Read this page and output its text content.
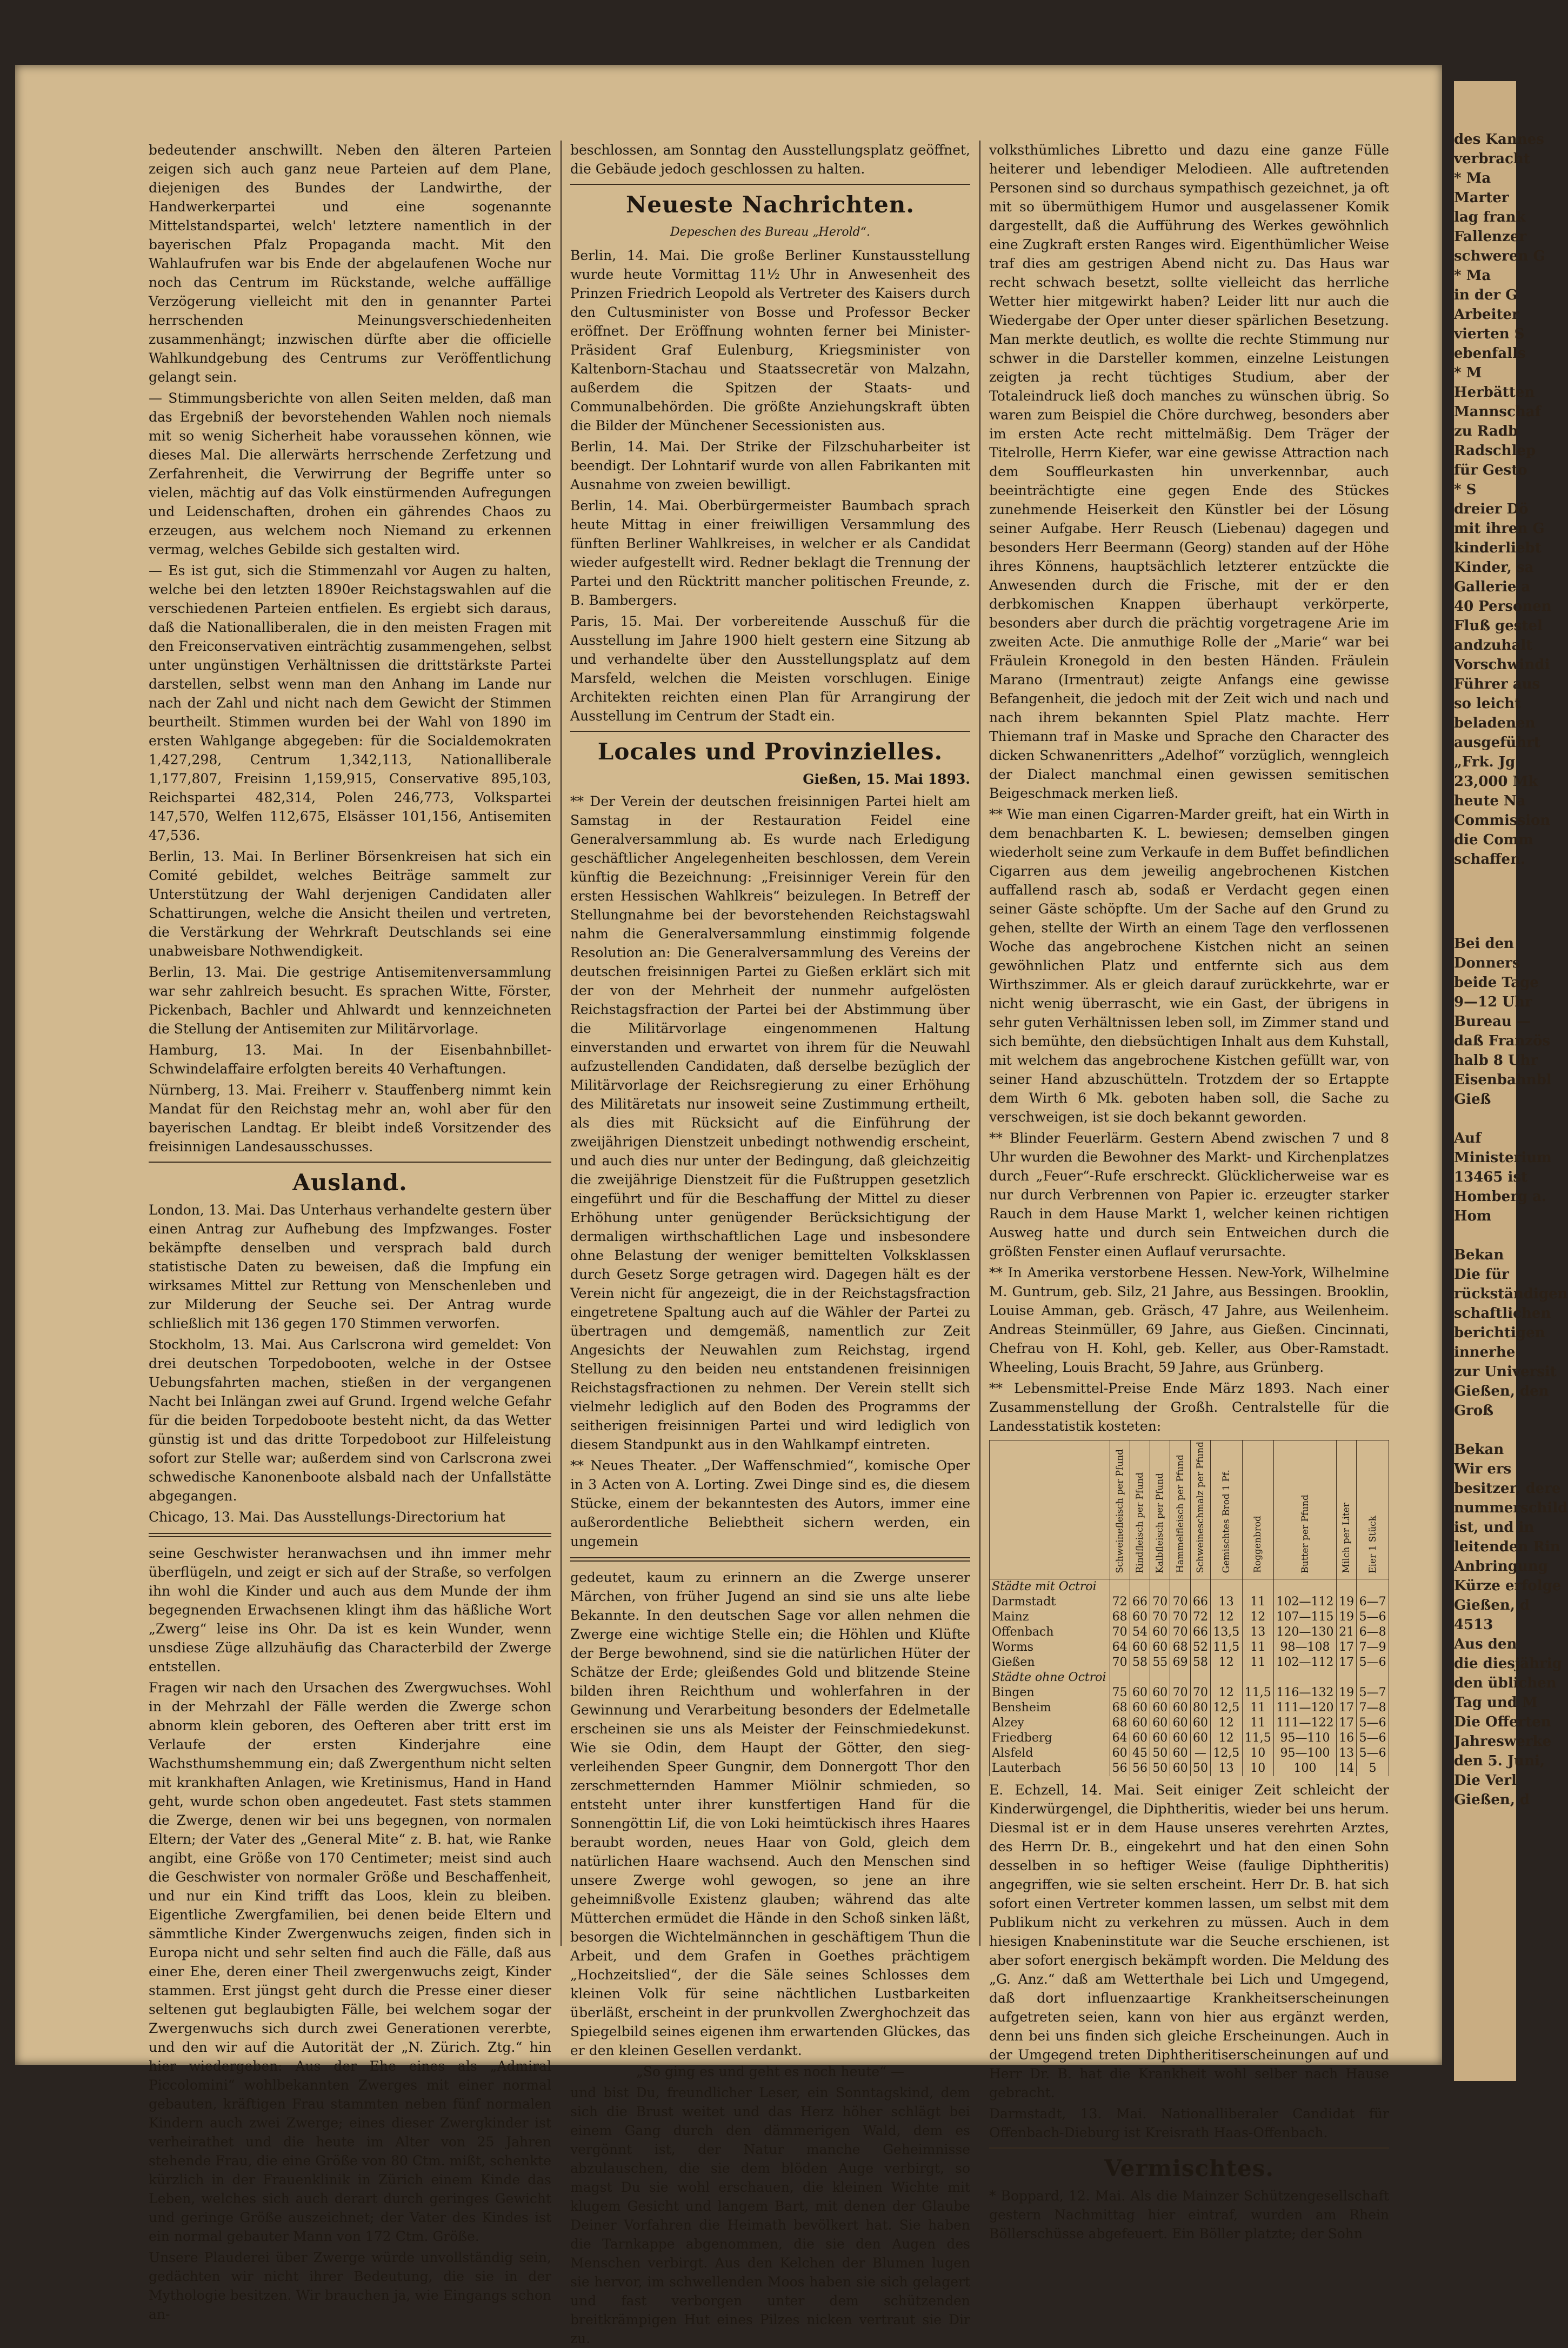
bedeutender anschwillt. Neben den älteren Parteien zeigen sich auch ganz neue Parteien auf dem Plane, diejenigen des Bundes der Landwirthe, der Handwerkerpartei und eine sogenannte Mittelstandspartei, welch' letztere namentlich in der bayerischen Pfalz Propaganda macht. Mit den Wahlaufrufen war bis Ende der abgelaufenen Woche nur noch das Centrum im Rückstande, welche auffällige Verzögerung vielleicht mit den in genannter Partei herrschenden Meinungsverschiedenheiten zusammenhängt; inzwischen dürfte aber die officielle Wahlkundgebung des Centrums zur Veröffentlichung gelangt sein.

— Stimmungsberichte von allen Seiten melden, daß man das Ergebniß der bevorstehenden Wahlen noch niemals mit so wenig Sicherheit habe voraussehen können, wie dieses Mal. Die allerwärts herrschende Zerfetzung und Zerfahrenheit, die Verwirrung der Begriffe unter so vielen, mächtig auf das Volk einstürmenden Aufregungen und Leidenschaften, drohen ein gährendes Chaos zu erzeugen, aus welchem noch Niemand zu erkennen vermag, welches Gebilde sich gestalten wird.

— Es ist gut, sich die Stimmenzahl vor Augen zu halten, welche bei den letzten 1890er Reichstagswahlen auf die verschiedenen Parteien entfielen. Es ergiebt sich daraus, daß die Nationalliberalen, die in den meisten Fragen mit den Freiconservativen einträchtig zusammengehen, selbst unter ungünstigen Verhältnissen die drittstärkste Partei darstellen, selbst wenn man den Anhang im Lande nur nach der Zahl und nicht nach dem Gewicht der Stimmen beurtheilt. Stimmen wurden bei der Wahl von 1890 im ersten Wahlgange abgegeben: für die Socialdemokraten 1,427,298, Centrum 1,342,113, Nationalliberale 1,177,807, Freisinn 1,159,915, Conservative 895,103, Reichspartei 482,314, Polen 246,773, Volkspartei 147,570, Welfen 112,675, Elsässer 101,156, Antisemiten 47,536.

Berlin, 13. Mai. In Berliner Börsenkreisen hat sich ein Comité gebildet, welches Beiträge sammelt zur Unterstützung der Wahl derjenigen Candidaten aller Schattirungen, welche die Ansicht theilen und vertreten, die Verstärkung der Wehrkraft Deutschlands sei eine unabweisbare Nothwendigkeit.

Berlin, 13. Mai. Die gestrige Antisemitenversammlung war sehr zahlreich besucht. Es sprachen Witte, Förster, Pickenbach, Bachler und Ahlwardt und kennzeichneten die Stellung der Antisemiten zur Militärvorlage.

Hamburg, 13. Mai. In der Eisenbahnbillet-Schwindelaffaire erfolgten bereits 40 Verhaftungen.

Nürnberg, 13. Mai. Freiherr v. Stauffenberg nimmt kein Mandat für den Reichstag mehr an, wohl aber für den bayerischen Landtag. Er bleibt indeß Vorsitzender des freisinnigen Landesausschusses.

Ausland.

London, 13. Mai. Das Unterhaus verhandelte gestern über einen Antrag zur Aufhebung des Impfzwanges. Foster bekämpfte denselben und versprach bald durch statistische Daten zu beweisen, daß die Impfung ein wirksames Mittel zur Rettung von Menschenleben und zur Milderung der Seuche sei. Der Antrag wurde schließlich mit 136 gegen 170 Stimmen verworfen.

Stockholm, 13. Mai. Aus Carlscrona wird gemeldet: Von drei deutschen Torpedobooten, welche in der Ostsee Uebungsfahrten machen, stießen in der vergangenen Nacht bei Inlängan zwei auf Grund. Irgend welche Gefahr für die beiden Torpedoboote besteht nicht, da das Wetter günstig ist und das dritte Torpedoboot zur Hilfeleistung sofort zur Stelle war; außerdem sind von Carlscrona zwei schwedische Kanonenboote alsbald nach der Unfallstätte abgegangen.

Chicago, 13. Mai. Das Ausstellungs-Directorium hat

seine Geschwister heranwachsen und ihn immer mehr überflügeln, und zeigt er sich auf der Straße, so verfolgen ihn wohl die Kinder und auch aus dem Munde der ihm begegnenden Erwachsenen klingt ihm das häßliche Wort „Zwerg“ leise ins Ohr. Da ist es kein Wunder, wenn unsdiese Züge allzuhäufig das Characterbild der Zwerge entstellen.

Fragen wir nach den Ursachen des Zwergwuchses. Wohl in der Mehrzahl der Fälle werden die Zwerge schon abnorm klein geboren, des Oefteren aber tritt erst im Verlaufe der ersten Kinderjahre eine Wachsthumshemmung ein; daß Zwergenthum nicht selten mit krankhaften Anlagen, wie Kretinismus, Hand in Hand geht, wurde schon oben angedeutet. Fast stets stammen die Zwerge, denen wir bei uns begegnen, von normalen Eltern; der Vater des „General Mite“ z. B. hat, wie Ranke angibt, eine Größe von 170 Centimeter; meist sind auch die Geschwister von normaler Größe und Beschaffenheit, und nur ein Kind trifft das Loos, klein zu bleiben. Eigentliche Zwergfamilien, bei denen beide Eltern und sämmtliche Kinder Zwergenwuchs zeigen, finden sich in Europa nicht und sehr selten find auch die Fälle, daß aus einer Ehe, deren einer Theil zwergenwuchs zeigt, Kinder stammen. Erst jüngst geht durch die Presse einer dieser seltenen gut beglaubigten Fälle, bei welchem sogar der Zwergenwuchs sich durch zwei Generationen vererbte, und den wir auf die Autorität der „N. Zürich. Ztg.“ hin hier wiedergeben: Aus der Ehe eines als „Admiral Piccolomini“ wohlbekannten Zwerges mit einer normal gebauten, kräftigen Frau stammten neben fünf normalen Kindern auch zwei Zwerge; eines dieser Zwergkinder ist verheirathet und die heute im Alter von 25 Jahren stehende Frau, die eine Größe von 80 Ctm. mißt, schenkte kürzlich in der Frauenklinik in Zürich einem Kinde das Leben, welches sich auch derart durch geringes Gewicht und geringe Größe auszeichnet; der Vater des Kindes ist ein normal gebauter Mann von 172 Ctm. Größe.

Unsere Plauderei über Zwerge würde unvollständig sein, gedächten wir nicht ihrer Bedeutung, die sie in der Mythologie besitzen. Wir brauchen ja, wie Eingangs schon an-

beschlossen, am Sonntag den Ausstellungsplatz geöffnet, die Gebäude jedoch geschlossen zu halten.

Neueste Nachrichten.
Depeschen des Bureau „Herold“.

Berlin, 14. Mai. Die große Berliner Kunstausstellung wurde heute Vormittag 11½ Uhr in Anwesenheit des Prinzen Friedrich Leopold als Vertreter des Kaisers durch den Cultusminister von Bosse und Professor Becker eröffnet. Der Eröffnung wohnten ferner bei Minister-Präsident Graf Eulenburg, Kriegsminister von Kaltenborn-Stachau und Staatssecretär von Malzahn, außerdem die Spitzen der Staats- und Communalbehörden. Die größte Anziehungskraft übten die Bilder der Münchener Secessionisten aus.

Berlin, 14. Mai. Der Strike der Filzschuharbeiter ist beendigt. Der Lohntarif wurde von allen Fabrikanten mit Ausnahme von zweien bewilligt.

Berlin, 14. Mai. Oberbürgermeister Baumbach sprach heute Mittag in einer freiwilligen Versammlung des fünften Berliner Wahlkreises, in welcher er als Candidat wieder aufgestellt wird. Redner beklagt die Trennung der Partei und den Rücktritt mancher politischen Freunde, z. B. Bambergers.

Paris, 15. Mai. Der vorbereitende Ausschuß für die Ausstellung im Jahre 1900 hielt gestern eine Sitzung ab und verhandelte über den Ausstellungsplatz auf dem Marsfeld, welchen die Meisten vorschlugen. Einige Architekten reichten einen Plan für Arrangirung der Ausstellung im Centrum der Stadt ein.

Locales und Provinzielles.
Gießen, 15. Mai 1893.

** Der Verein der deutschen freisinnigen Partei hielt am Samstag in der Restauration Feidel eine Generalversammlung ab. Es wurde nach Erledigung geschäftlicher Angelegenheiten beschlossen, dem Verein künftig die Bezeichnung: „Freisinniger Verein für den ersten Hessischen Wahlkreis“ beizulegen. In Betreff der Stellungnahme bei der bevorstehenden Reichstagswahl nahm die Generalversammlung einstimmig folgende Resolution an: Die Generalversammlung des Vereins der deutschen freisinnigen Partei zu Gießen erklärt sich mit der von der Mehrheit der nunmehr aufgelösten Reichstagsfraction der Partei bei der Abstimmung über die Militärvorlage eingenommenen Haltung einverstanden und erwartet von ihrem für die Neuwahl aufzustellenden Candidaten, daß derselbe bezüglich der Militärvorlage der Reichsregierung zu einer Erhöhung des Militäretats nur insoweit seine Zustimmung ertheilt, als dies mit Rücksicht auf die Einführung der zweijährigen Dienstzeit unbedingt nothwendig erscheint, und auch dies nur unter der Bedingung, daß gleichzeitig die zweijährige Dienstzeit für die Fußtruppen gesetzlich eingeführt und für die Beschaffung der Mittel zu dieser Erhöhung unter genügender Berücksichtigung der dermaligen wirthschaftlichen Lage und insbesondere ohne Belastung der weniger bemittelten Volksklassen durch Gesetz Sorge getragen wird. Dagegen hält es der Verein nicht für angezeigt, die in der Reichstagsfraction eingetretene Spaltung auch auf die Wähler der Partei zu übertragen und demgemäß, namentlich zur Zeit Angesichts der Neuwahlen zum Reichstag, irgend Stellung zu den beiden neu entstandenen freisinnigen Reichstagsfractionen zu nehmen. Der Verein stellt sich vielmehr lediglich auf den Boden des Programms der seitherigen freisinnigen Partei und wird lediglich von diesem Standpunkt aus in den Wahlkampf eintreten.

** Neues Theater. „Der Waffenschmied“, komische Oper in 3 Acten von A. Lorting. Zwei Dinge sind es, die diesem Stücke, einem der bekanntesten des Autors, immer eine außerordentliche Beliebtheit sichern werden, ein ungemein

gedeutet, kaum zu erinnern an die Zwerge unserer Märchen, von früher Jugend an sind sie uns alte liebe Bekannte. In den deutschen Sage vor allen nehmen die Zwerge eine wichtige Stelle ein; die Höhlen und Klüfte der Berge bewohnend, sind sie die natürlichen Hüter der Schätze der Erde; gleißendes Gold und blitzende Steine bilden ihren Reichthum und wohlerfahren in der Gewinnung und Verarbeitung besonders der Edelmetalle erscheinen sie uns als Meister der Feinschmiedekunst. Wie sie Odin, dem Haupt der Götter, den sieg-verleihenden Speer Gungnir, dem Donnergott Thor den zerschmetternden Hammer Miölnir schmieden, so entsteht unter ihrer kunstfertigen Hand für die Sonnengöttin Lif, die von Loki heimtückisch ihres Haares beraubt worden, neues Haar von Gold, gleich dem natürlichen Haare wachsend. Auch den Menschen sind unsere Zwerge wohl gewogen, so jene an ihre geheimnißvolle Existenz glauben; während das alte Mütterchen ermüdet die Hände in den Schoß sinken läßt, besorgen die Wichtelmännchen in geschäftigem Thun die Arbeit, und dem Grafen in Goethes prächtigem „Hochzeitslied“, der die Säle seines Schlosses dem kleinen Volk für seine nächtlichen Lustbarkeiten überläßt, erscheint in der prunkvollen Zwerghochzeit das Spiegelbild seines eigenen ihm erwartenden Glückes, das er den kleinen Gesellen verdankt.

„So ging es und geht es noch heute“ —

und bist Du, freundlicher Leser, ein Sonntagskind, dem sich die Brust weitet und das Herz höher schlägt bei einem Gang durch den dämmerigen Wald, dem es vergönnt ist, der Natur manche Geheimnisse abzulauschen, die sie dem blöden Auge verbirgt, so magst Du sie wohl erschauen, die kleinen Wichte mit klugem Gesicht und langem Bart, mit denen der Glaube Deiner Vorfahren die Heimath bevölkert hat. Sie haben die Tarnkappe abgenommen, die sie den Augen des Menschen verbirgt. Aus den Kelchen der Blumen lugen sie hervor, im schwellenden Moos haben sie sich gelagert und fast verborgen unter dem schützenden breitkrämpigen Hut eines Pilzes nicken vertraut sie Dir zu.

volksthümliches Libretto und dazu eine ganze Fülle heiterer und lebendiger Melodieen. Alle auftretenden Personen sind so durchaus sympathisch gezeichnet, ja oft mit so übermüthigem Humor und ausgelassener Komik dargestellt, daß die Aufführung des Werkes gewöhnlich eine Zugkraft ersten Ranges wird. Eigenthümlicher Weise traf dies am gestrigen Abend nicht zu. Das Haus war recht schwach besetzt, sollte vielleicht das herrliche Wetter hier mitgewirkt haben? Leider litt nur auch die Wiedergabe der Oper unter dieser spärlichen Besetzung. Man merkte deutlich, es wollte die rechte Stimmung nur schwer in die Darsteller kommen, einzelne Leistungen zeigten ja recht tüchtiges Studium, aber der Totaleindruck ließ doch manches zu wünschen übrig. So waren zum Beispiel die Chöre durchweg, besonders aber im ersten Acte recht mittelmäßig. Dem Träger der Titelrolle, Herrn Kiefer, war eine gewisse Attraction nach dem Souffleurkasten hin unverkennbar, auch beeinträchtigte eine gegen Ende des Stückes zunehmende Heiserkeit den Künstler bei der Lösung seiner Aufgabe. Herr Reusch (Liebenau) dagegen und besonders Herr Beermann (Georg) standen auf der Höhe ihres Könnens, hauptsächlich letzterer entzückte die Anwesenden durch die Frische, mit der er den derbkomischen Knappen überhaupt verkörperte, besonders aber durch die prächtig vorgetragene Arie im zweiten Acte. Die anmuthige Rolle der „Marie“ war bei Fräulein Kronegold in den besten Händen. Fräulein Marano (Irmentraut) zeigte Anfangs eine gewisse Befangenheit, die jedoch mit der Zeit wich und nach und nach ihrem bekannten Spiel Platz machte. Herr Thiemann traf in Maske und Sprache den Character des dicken Schwanenritters „Adelhof“ vorzüglich, wenngleich der Dialect manchmal einen gewissen semitischen Beigeschmack merken ließ.

** Wie man einen Cigarren-Marder greift, hat ein Wirth in dem benachbarten K. L. bewiesen; demselben gingen wiederholt seine zum Verkaufe in dem Buffet befindlichen Cigarren aus dem jeweilig angebrochenen Kistchen auffallend rasch ab, sodaß er Verdacht gegen einen seiner Gäste schöpfte. Um der Sache auf den Grund zu gehen, stellte der Wirth an einem Tage den verflossenen Woche das angebrochene Kistchen nicht an seinen gewöhnlichen Platz und entfernte sich aus dem Wirthszimmer. Als er gleich darauf zurückkehrte, war er nicht wenig überrascht, wie ein Gast, der übrigens in sehr guten Verhältnissen leben soll, im Zimmer stand und sich bemühte, den diebsüchtigen Inhalt aus dem Kuhstall, mit welchem das angebrochene Kistchen gefüllt war, von seiner Hand abzuschütteln. Trotzdem der so Ertappte dem Wirth 6 Mk. geboten haben soll, die Sache zu verschweigen, ist sie doch bekannt geworden.

** Blinder Feuerlärm. Gestern Abend zwischen 7 und 8 Uhr wurden die Bewohner des Markt- und Kirchenplatzes durch „Feuer“-Rufe erschreckt. Glücklicherweise war es nur durch Verbrennen von Papier ic. erzeugter starker Rauch in dem Hause Markt 1, welcher keinen richtigen Ausweg hatte und durch sein Entweichen durch die größten Fenster einen Auflauf verursachte.

** In Amerika verstorbene Hessen. New-York, Wilhelmine M. Guntrum, geb. Silz, 21 Jahre, aus Bessingen. Brooklin, Louise Amman, geb. Gräsch, 47 Jahre, aus Weilenheim. Andreas Steinmüller, 69 Jahre, aus Gießen. Cincinnati, Chefrau von H. Kohl, geb. Keller, aus Ober-Ramstadt. Wheeling, Louis Bracht, 59 Jahre, aus Grünberg.

** Lebensmittel-Preise Ende März 1893. Nach einer Zusammenstellung der Großh. Centralstelle für die Landesstatistik kosteten:

	Schweinefleisch per Pfund	Rindfleisch per Pfund	Kalbfleisch per Pfund	Hammelfleisch per Pfund	Schweineschmalz per Pfund	Gemischtes Brod 1 Pf.	Roggenbrod	Butter per Pfund	Milch per Liter	Eier 1 Stück
Städte mit Octroi										
Darmstadt	72	66	70	70	66	13	11	102—112	19	6—7
Mainz	68	60	70	70	72	12	12	107—115	19	5—6
Offenbach	70	54	60	70	66	13,5	13	120—130	21	6—8
Worms	64	60	60	68	52	11,5	11	98—108	17	7—9
Gießen	70	58	55	69	58	12	11	102—112	17	5—6
Städte ohne Octroi										
Bingen	75	60	60	70	70	12	11,5	116—132	19	5—7
Bensheim	68	60	60	60	80	12,5	11	111—120	17	7—8
Alzey	68	60	60	60	60	12	11	111—122	17	5—6
Friedberg	64	60	60	60	60	12	11,5	95—110	16	5—6
Alsfeld	60	45	50	60	—	12,5	10	95—100	13	5—6
Lauterbach	56	56	50	60	50	13	10	100	14	5

E. Echzell, 14. Mai. Seit einiger Zeit schleicht der Kinderwürgengel, die Diphtheritis, wieder bei uns herum. Diesmal ist er in dem Hause unseres verehrten Arztes, des Herrn Dr. B., eingekehrt und hat den einen Sohn desselben in so heftiger Weise (faulige Diphtheritis) angegriffen, wie sie selten erscheint. Herr Dr. B. hat sich sofort einen Vertreter kommen lassen, um selbst mit dem Publikum nicht zu verkehren zu müssen. Auch in dem hiesigen Knabeninstitute war die Seuche erschienen, ist aber sofort energisch bekämpft worden. Die Meldung des „G. Anz.“ daß am Wetterthale bei Lich und Umgegend, daß dort influenzaartige Krankheitserscheinungen aufgetreten seien, kann von hier aus ergänzt werden, denn bei uns finden sich gleiche Erscheinungen. Auch in der Umgegend treten Diphtheritiserscheinungen auf und Herr Dr. B. hat die Krankheit wohl selber nach Hause gebracht.

Darmstadt, 13. Mai. Nationalliberaler Candidat für Offenbach-Dieburg ist Kreisrath Haas-Offenbach.

Vermischtes.

* Boppard, 12. Mai. Als die Mainzer Schützengesellschaft gestern Nachmittag hier eintraf, wurden am Rhein Böllerschüsse abgefeuert. Ein Böller platzte; der Sohn

des Kannes
verbracht
* Ma
Marter
lag frank
Fallenzer
schweren G
* Ma
in der G
Arbeiter
vierten S
ebenfalls
* M
Herbätten
Mannschaf
zu Radb
Radschlep
für Gesto
* S
dreier Dö
mit ihren G
kinderliebt
Kinder, sa
Gallerie a
40 Personen
Fluß gestel
andzuhalt
Vorschwindi
Führer aus
so leicht
beladenen
ausgeführt
„Frk. Jg
23,000 Mk
heute Na
Commission
die Comm
schaffen.
Bei den
Donners
beide Tage
9—12 Uhr
Bureau —
daß Französ
halb 8 Uhr
Eisenbahnbl
Gieß

Auf
Ministerium
13465 ist
Homberg a.
Hom

Bekan
Die für
rückständigen
schaftlichen
berichtigen
innerhe
zur Universit
Gießen, den
Groß

Bekan
Wir ers
besitzer, dere
nummerschild
ist, und in
leitenden Rin
Anbringung
Kürze erfolge
Gießen, d
4513
Aus den
die diesjährig
den üblichen
Tag und M
Die Offerten
Jahreswerke
den 5. Juni,
Die Verl
Gießen, d
